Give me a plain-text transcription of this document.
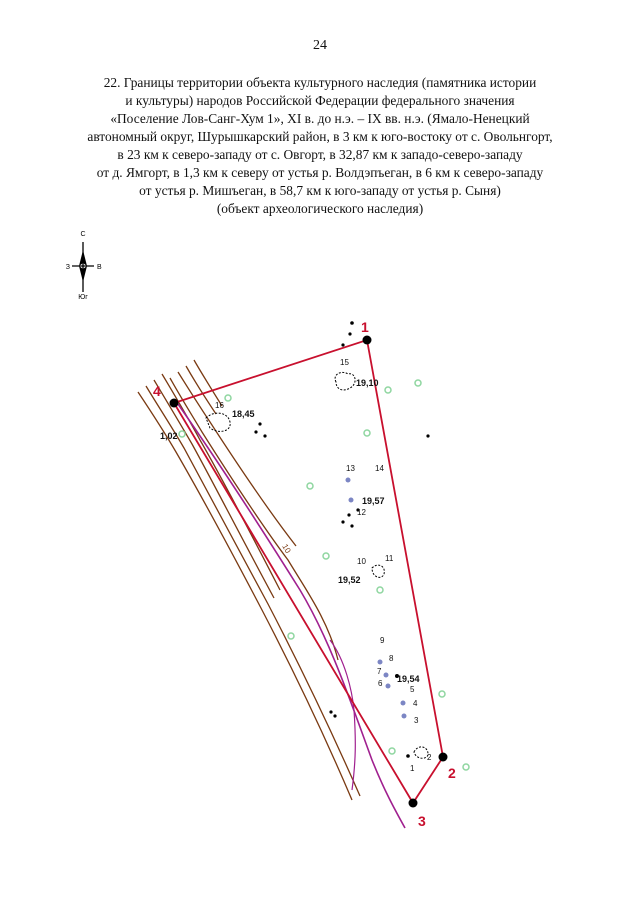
24
22. Границы территории объекта культурного наследия (памятника истории
и культуры) народов Российской Федерации федерального значения
«Поселение Лов-Санг-Хум 1», XI в. до н.э. – IX вв. н.э. (Ямало-Ненецкий
автономный округ, Шурышкарский район, в 3 км к юго-востоку от с. Овольнгорт,
в 23 км к северо-западу от с. Овгорт, в 32,87 км к западо-северо-западу
от д. Ямгорт, в 1,3 км к северу от устья р. Волдэпъеган, в 6 км к северо-западу
от устья р. Мишъеган, в 58,7 км к юго-западу от устья р. Сыня)
(объект археологического наследия)
С
Юг
З	В
10
1
2
3
4
15
16
13	14
12
10 11
9
8
7
6
5
4
3
2
1
19,10
18,45
1,02
19,57
19,52
19,54
